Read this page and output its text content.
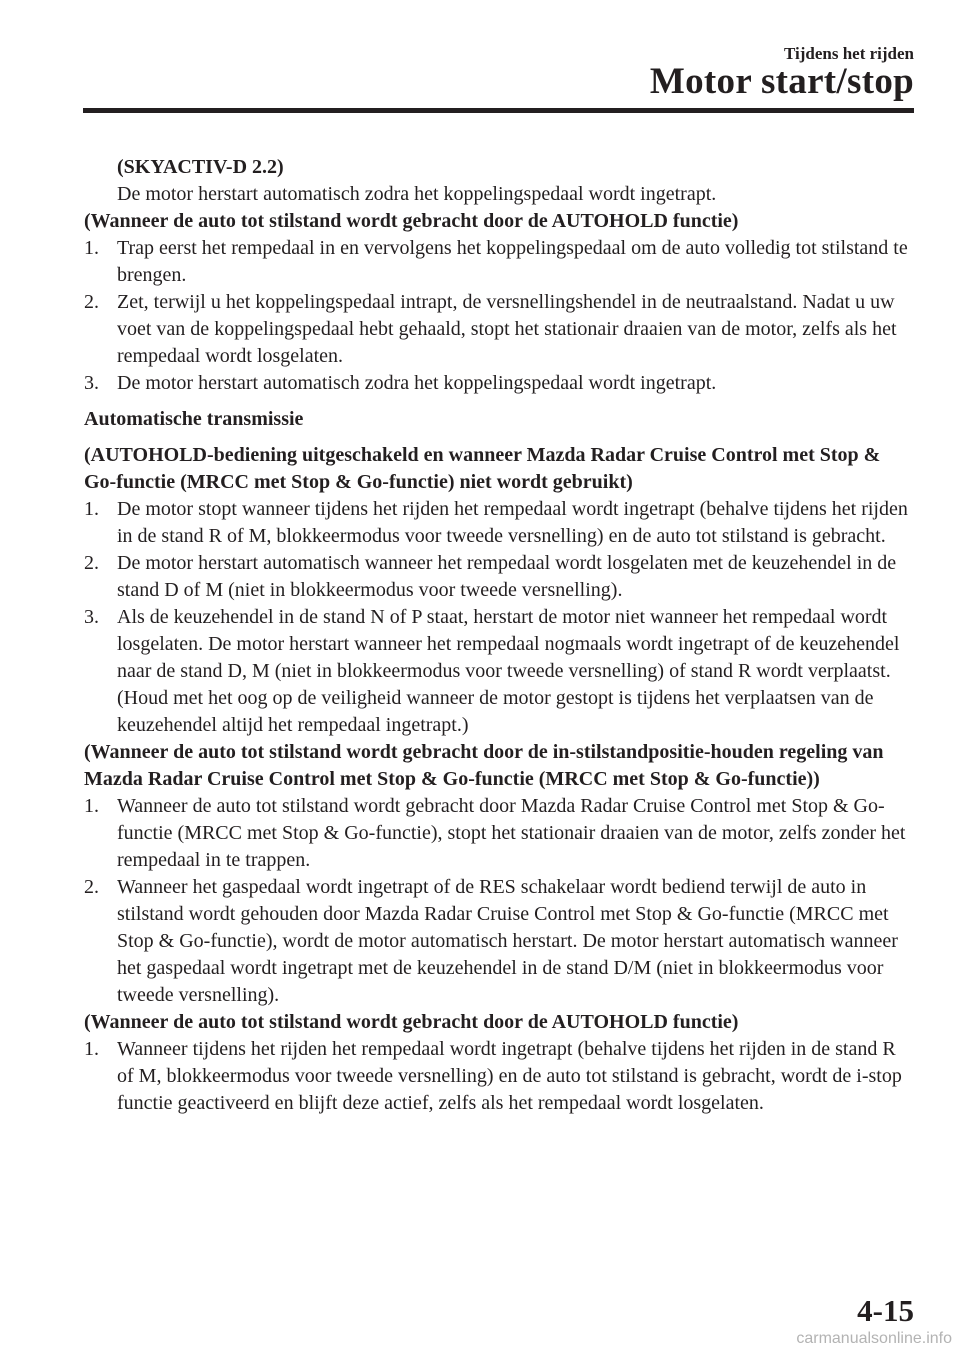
Tijdens het rijden
Motor start/stop

(SKYACTIV-D 2.2)

De motor herstart automatisch zodra het koppelingspedaal wordt ingetrapt.

(Wanneer de auto tot stilstand wordt gebracht door de AUTOHOLD functie)

1. Trap eerst het rempedaal in en vervolgens het koppelingspedaal om de auto volledig tot stilstand te brengen.

2. Zet, terwijl u het koppelingspedaal intrapt, de versnellingshendel in de neutraalstand. Nadat u uw voet van de koppelingspedaal hebt gehaald, stopt het stationair draaien van de motor, zelfs als het rempedaal wordt losgelaten.

3. De motor herstart automatisch zodra het koppelingspedaal wordt ingetrapt.

Automatische transmissie

(AUTOHOLD-bediening uitgeschakeld en wanneer Mazda Radar Cruise Control met Stop & Go-functie (MRCC met Stop & Go-functie) niet wordt gebruikt)

1. De motor stopt wanneer tijdens het rijden het rempedaal wordt ingetrapt (behalve tijdens het rijden in de stand R of M, blokkeermodus voor tweede versnelling) en de auto tot stilstand is gebracht.

2. De motor herstart automatisch wanneer het rempedaal wordt losgelaten met de keuzehendel in de stand D of M (niet in blokkeermodus voor tweede versnelling).

3. Als de keuzehendel in de stand N of P staat, herstart de motor niet wanneer het rempedaal wordt losgelaten. De motor herstart wanneer het rempedaal nogmaals wordt ingetrapt of de keuzehendel naar de stand D, M (niet in blokkeermodus voor tweede versnelling) of stand R wordt verplaatst. (Houd met het oog op de veiligheid wanneer de motor gestopt is tijdens het verplaatsen van de keuzehendel altijd het rempedaal ingetrapt.)

(Wanneer de auto tot stilstand wordt gebracht door de in-stilstandpositie-houden regeling van Mazda Radar Cruise Control met Stop & Go-functie (MRCC met Stop & Go-functie))

1. Wanneer de auto tot stilstand wordt gebracht door Mazda Radar Cruise Control met Stop & Go-functie (MRCC met Stop & Go-functie), stopt het stationair draaien van de motor, zelfs zonder het rempedaal in te trappen.

2. Wanneer het gaspedaal wordt ingetrapt of de RES schakelaar wordt bediend terwijl de auto in stilstand wordt gehouden door Mazda Radar Cruise Control met Stop & Go-functie (MRCC met Stop & Go-functie), wordt de motor automatisch herstart. De motor herstart automatisch wanneer het gaspedaal wordt ingetrapt met de keuzehendel in de stand D/M (niet in blokkeermodus voor tweede versnelling).

(Wanneer de auto tot stilstand wordt gebracht door de AUTOHOLD functie)

1. Wanneer tijdens het rijden het rempedaal wordt ingetrapt (behalve tijdens het rijden in de stand R of M, blokkeermodus voor tweede versnelling) en de auto tot stilstand is gebracht, wordt de i-stop functie geactiveerd en blijft deze actief, zelfs als het rempedaal wordt losgelaten.

4-15
carmanualsonline.info
